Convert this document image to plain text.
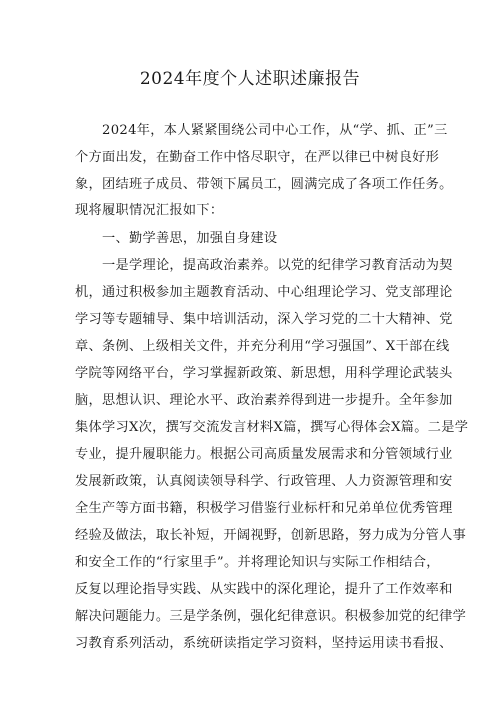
2024年度个人述职述廉报告
2024年，本人紧紧围绕公司中心工作，从“学、抓、正”三
个方面出发，在勤奋工作中恪尽职守，在严以律已中树良好形
象，团结班子成员、带领下属员工，圆满完成了各项工作任务。
现将履职情况汇报如下：
一、勤学善思，加强自身建设
一是学理论，提高政治素养。以党的纪律学习教育活动为契
机，通过积极参加主题教育活动、中心组理论学习、党支部理论
学习等专题辅导、集中培训活动，深入学习党的二十大精神、党
章、条例、上级相关文件，并充分利用“学习强国”、X干部在线
学院等网络平台，学习掌握新政策、新思想，用科学理论武装头
脑，思想认识、理论水平、政治素养得到进一步提升。全年参加
集体学习X次，撰写交流发言材料X篇，撰写心得体会X篇。二是学
专业，提升履职能力。根据公司高质量发展需求和分管领域行业
发展新政策，认真阅读领导科学、行政管理、人力资源管理和安
全生产等方面书籍，积极学习借鉴行业标杆和兄弟单位优秀管理
经验及做法，取长补短，开阔视野，创新思路，努力成为分管人事
和安全工作的“行家里手”。并将理论知识与实际工作相结合，
反复以理论指导实践、从实践中的深化理论，提升了工作效率和
解决问题能力。三是学条例，强化纪律意识。积极参加党的纪律学
习教育系列活动，系统研读指定学习资料，坚持运用读书看报、
